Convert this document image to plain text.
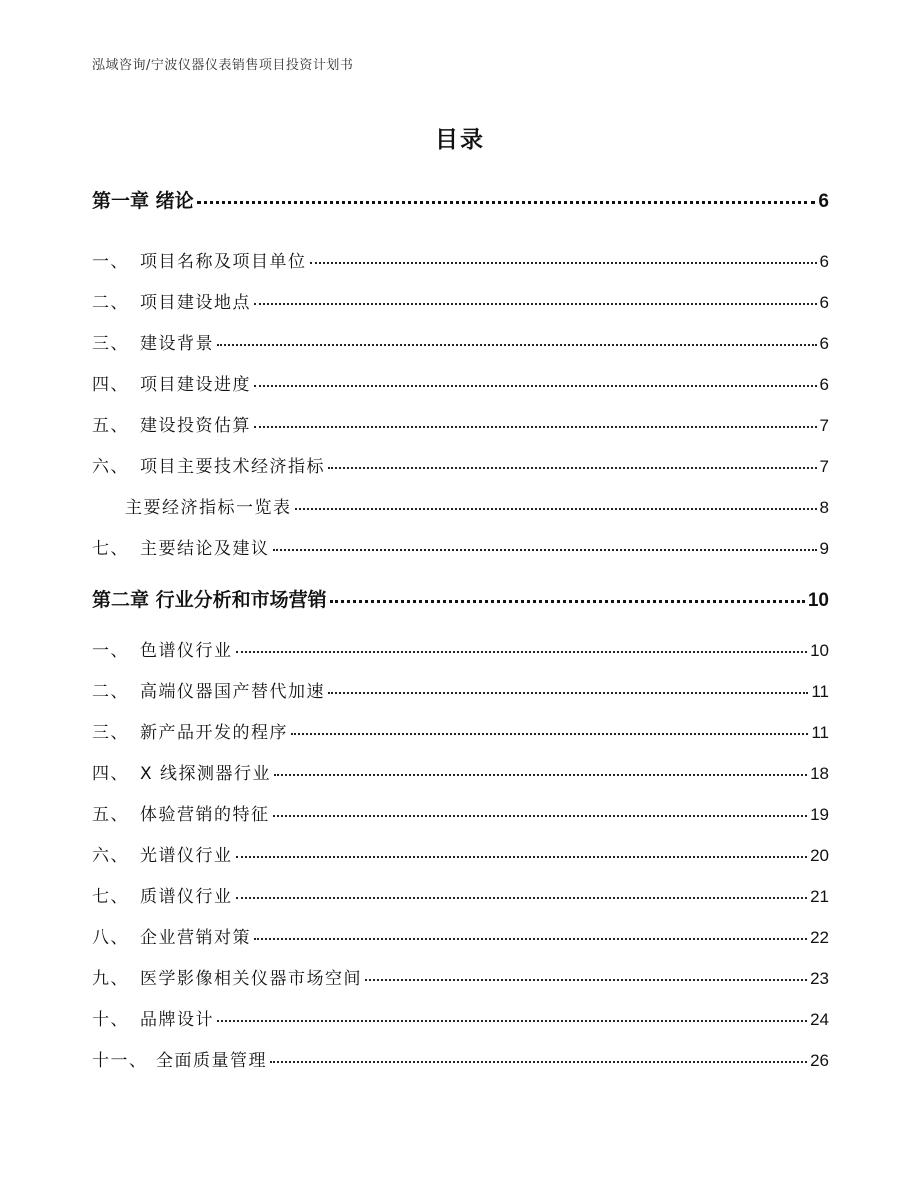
泓域咨询/宁波仪器仪表销售项目投资计划书
目录
第一章 绪论	6
一、 项目名称及项目单位	6
二、 项目建设地点	6
三、 建设背景	6
四、 项目建设进度	6
五、 建设投资估算	7
六、 项目主要技术经济指标	7
主要经济指标一览表	8
七、 主要结论及建议	9
第二章 行业分析和市场营销	10
一、 色谱仪行业	10
二、 高端仪器国产替代加速	11
三、 新产品开发的程序	11
四、 X 线探测器行业	18
五、 体验营销的特征	19
六、 光谱仪行业	20
七、 质谱仪行业	21
八、 企业营销对策	22
九、 医学影像相关仪器市场空间	23
十、 品牌设计	24
十一、 全面质量管理	26
